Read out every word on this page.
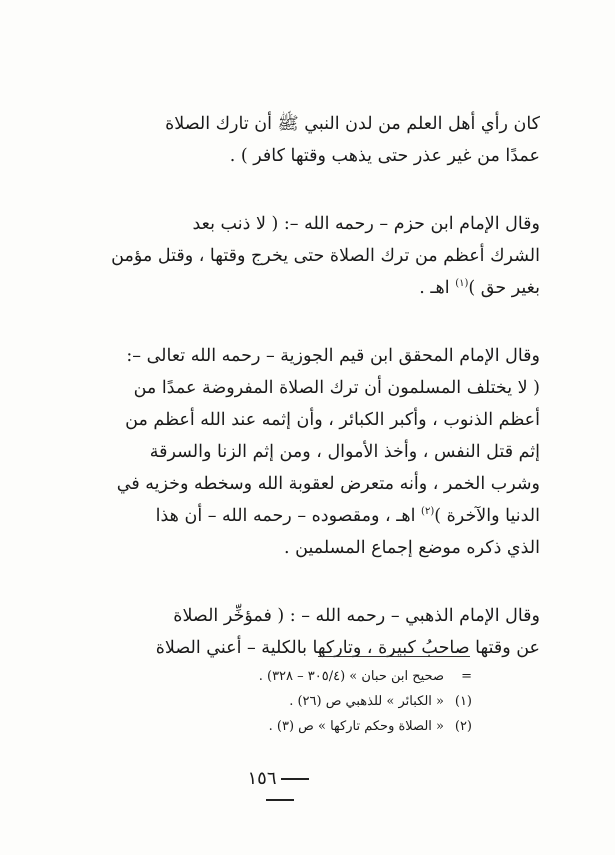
كان رأي أهل العلم من لدن النبي ﷺ أن تارك الصلاة
عمدًا من غير عذر حتى يذهب وقتها كافر ) .

وقال الإمام ابن حزم – رحمه الله –: ( لا ذنب بعد
الشرك أعظم من ترك الصلاة حتى يخرج وقتها ، وقتل مؤمن
بغير حق )$^{(١)}$ اهـ .

وقال الإمام المحقق ابن قيم الجوزية – رحمه الله تعالى –:
( لا يختلف المسلمون أن ترك الصلاة المفروضة عمدًا من
أعظم الذنوب ، وأكبر الكبائر ، وأن إثمه عند الله أعظم من
إثم قتل النفس ، وأخذ الأموال ، ومن إثم الزنا والسرقة
وشرب الخمر ، وأنه متعرض لعقوبة الله وسخطه وخزيه في
الدنيا والآخرة )$^{(٢)}$ اهـ ، ومقصوده – رحمه الله – أن هذا
الذي ذكره موضع إجماع المسلمين .

وقال الإمام الذهبي – رحمه الله – : ( فمؤخِّر الصلاة
عن وقتها صاحبُ كبيرة ، وتاركها بالكلية – أعني الصلاة

=صحيح ابن حبان » (٣٠٥/٤ – ٣٢٨) .
(١)« الكبائر » للذهبي ص (٢٦) .
(٢)« الصلاة وحكم تاركها » ص (٣) .
١٥٦
